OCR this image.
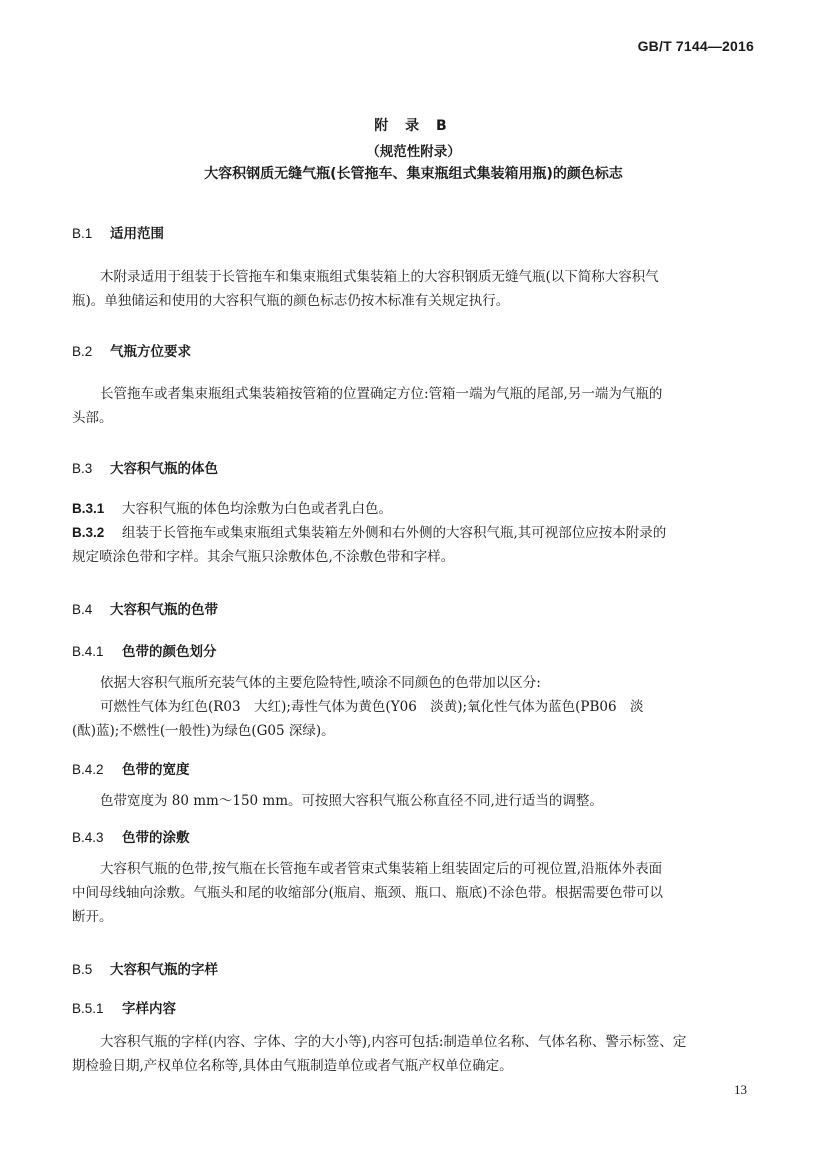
GB/T 7144—2016
附 录 B
（规范性附录）
大容积钢质无缝气瓶(长管拖车、集束瓶组式集装箱用瓶)的颜色标志
B.1 适用范围
木附录适用于组装于长管拖车和集束瓶组式集装箱上的大容积钢质无缝气瓶(以下简称大容积气
瓶)。单独储运和使用的大容积气瓶的颜色标志仍按木标准有关规定执行。
B.2 气瓶方位要求
长管拖车或者集束瓶组式集装箱按管箱的位置确定方位:管箱一端为气瓶的尾部,另一端为气瓶的
头部。
B.3 大容积气瓶的体色
B.3.1 大容积气瓶的体色均涂敷为白色或者乳白色。
B.3.2 组装于长管拖车或集束瓶组式集装箱左外侧和右外侧的大容积气瓶,其可视部位应按本附录的
规定喷涂色带和字样。其余气瓶只涂敷体色,不涂敷色带和字样。
B.4 大容积气瓶的色带
B.4.1 色带的颜色划分
依据大容积气瓶所充装气体的主要危险特性,喷涂不同颜色的色带加以区分:
可燃性气体为红色(R03　大红);毒性气体为黄色(Y06　淡黄);氧化性气体为蓝色(PB06　淡
(酞)蓝);不燃性(一般性)为绿色(G05 深绿)。
B.4.2 色带的宽度
色带宽度为 80 mm～150 mm。可按照大容积气瓶公称直径不同,进行适当的调整。
B.4.3 色带的涂敷
大容积气瓶的色带,按气瓶在长管拖车或者管束式集装箱上组装固定后的可视位置,沿瓶体外表面
中间母线轴向涂敷。气瓶头和尾的收缩部分(瓶肩、瓶颈、瓶口、瓶底)不涂色带。根据需要色带可以
断开。
B.5 大容积气瓶的字样
B.5.1 字样内容
大容积气瓶的字样(内容、字体、字的大小等),内容可包括:制造单位名称、气体名称、警示标签、定
期检验日期,产权单位名称等,具体由气瓶制造单位或者气瓶产权单位确定。
13
